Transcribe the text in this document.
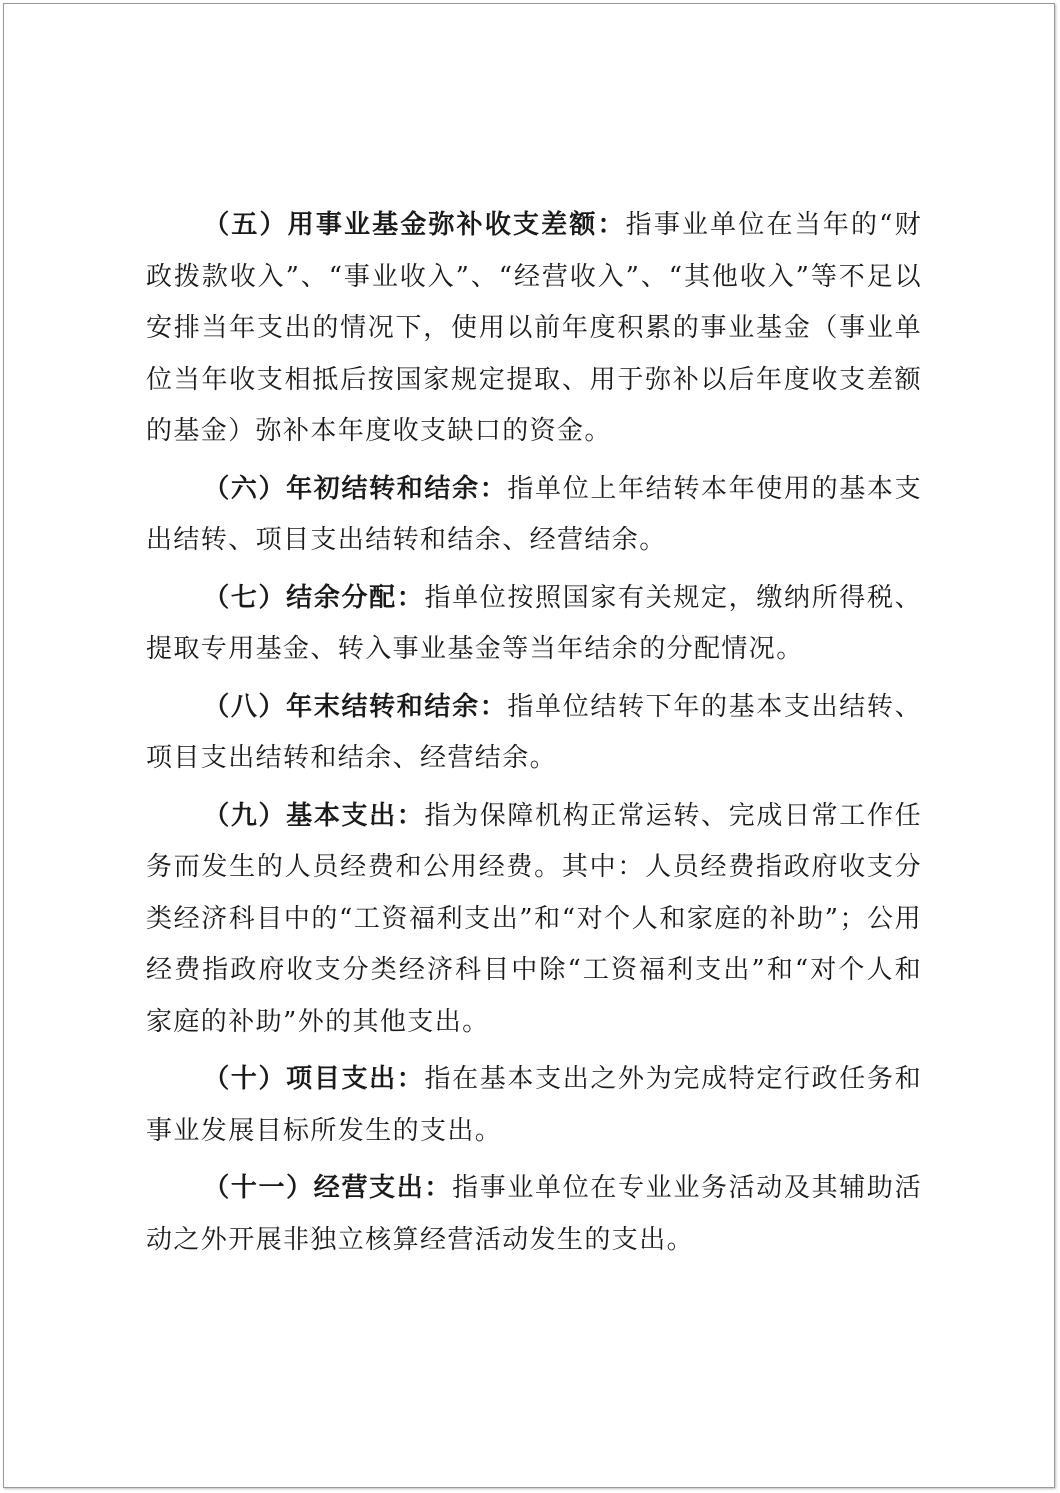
（五）用事业基金弥补收支差额：指事业单位在当年的“财政拨款收入”、“事业收入”、“经营收入”、“其他收入”等不足以安排当年支出的情况下，使用以前年度积累的事业基金（事业单位当年收支相抵后按国家规定提取、用于弥补以后年度收支差额的基金）弥补本年度收支缺口的资金。

（六）年初结转和结余：指单位上年结转本年使用的基本支出结转、项目支出结转和结余、经营结余。

（七）结余分配：指单位按照国家有关规定，缴纳所得税、提取专用基金、转入事业基金等当年结余的分配情况。

（八）年末结转和结余：指单位结转下年的基本支出结转、项目支出结转和结余、经营结余。

（九）基本支出：指为保障机构正常运转、完成日常工作任务而发生的人员经费和公用经费。其中：人员经费指政府收支分类经济科目中的“工资福利支出”和“对个人和家庭的补助”；公用经费指政府收支分类经济科目中除“工资福利支出”和“对个人和家庭的补助”外的其他支出。

（十）项目支出：指在基本支出之外为完成特定行政任务和事业发展目标所发生的支出。

（十一）经营支出：指事业单位在专业业务活动及其辅助活动之外开展非独立核算经营活动发生的支出。
